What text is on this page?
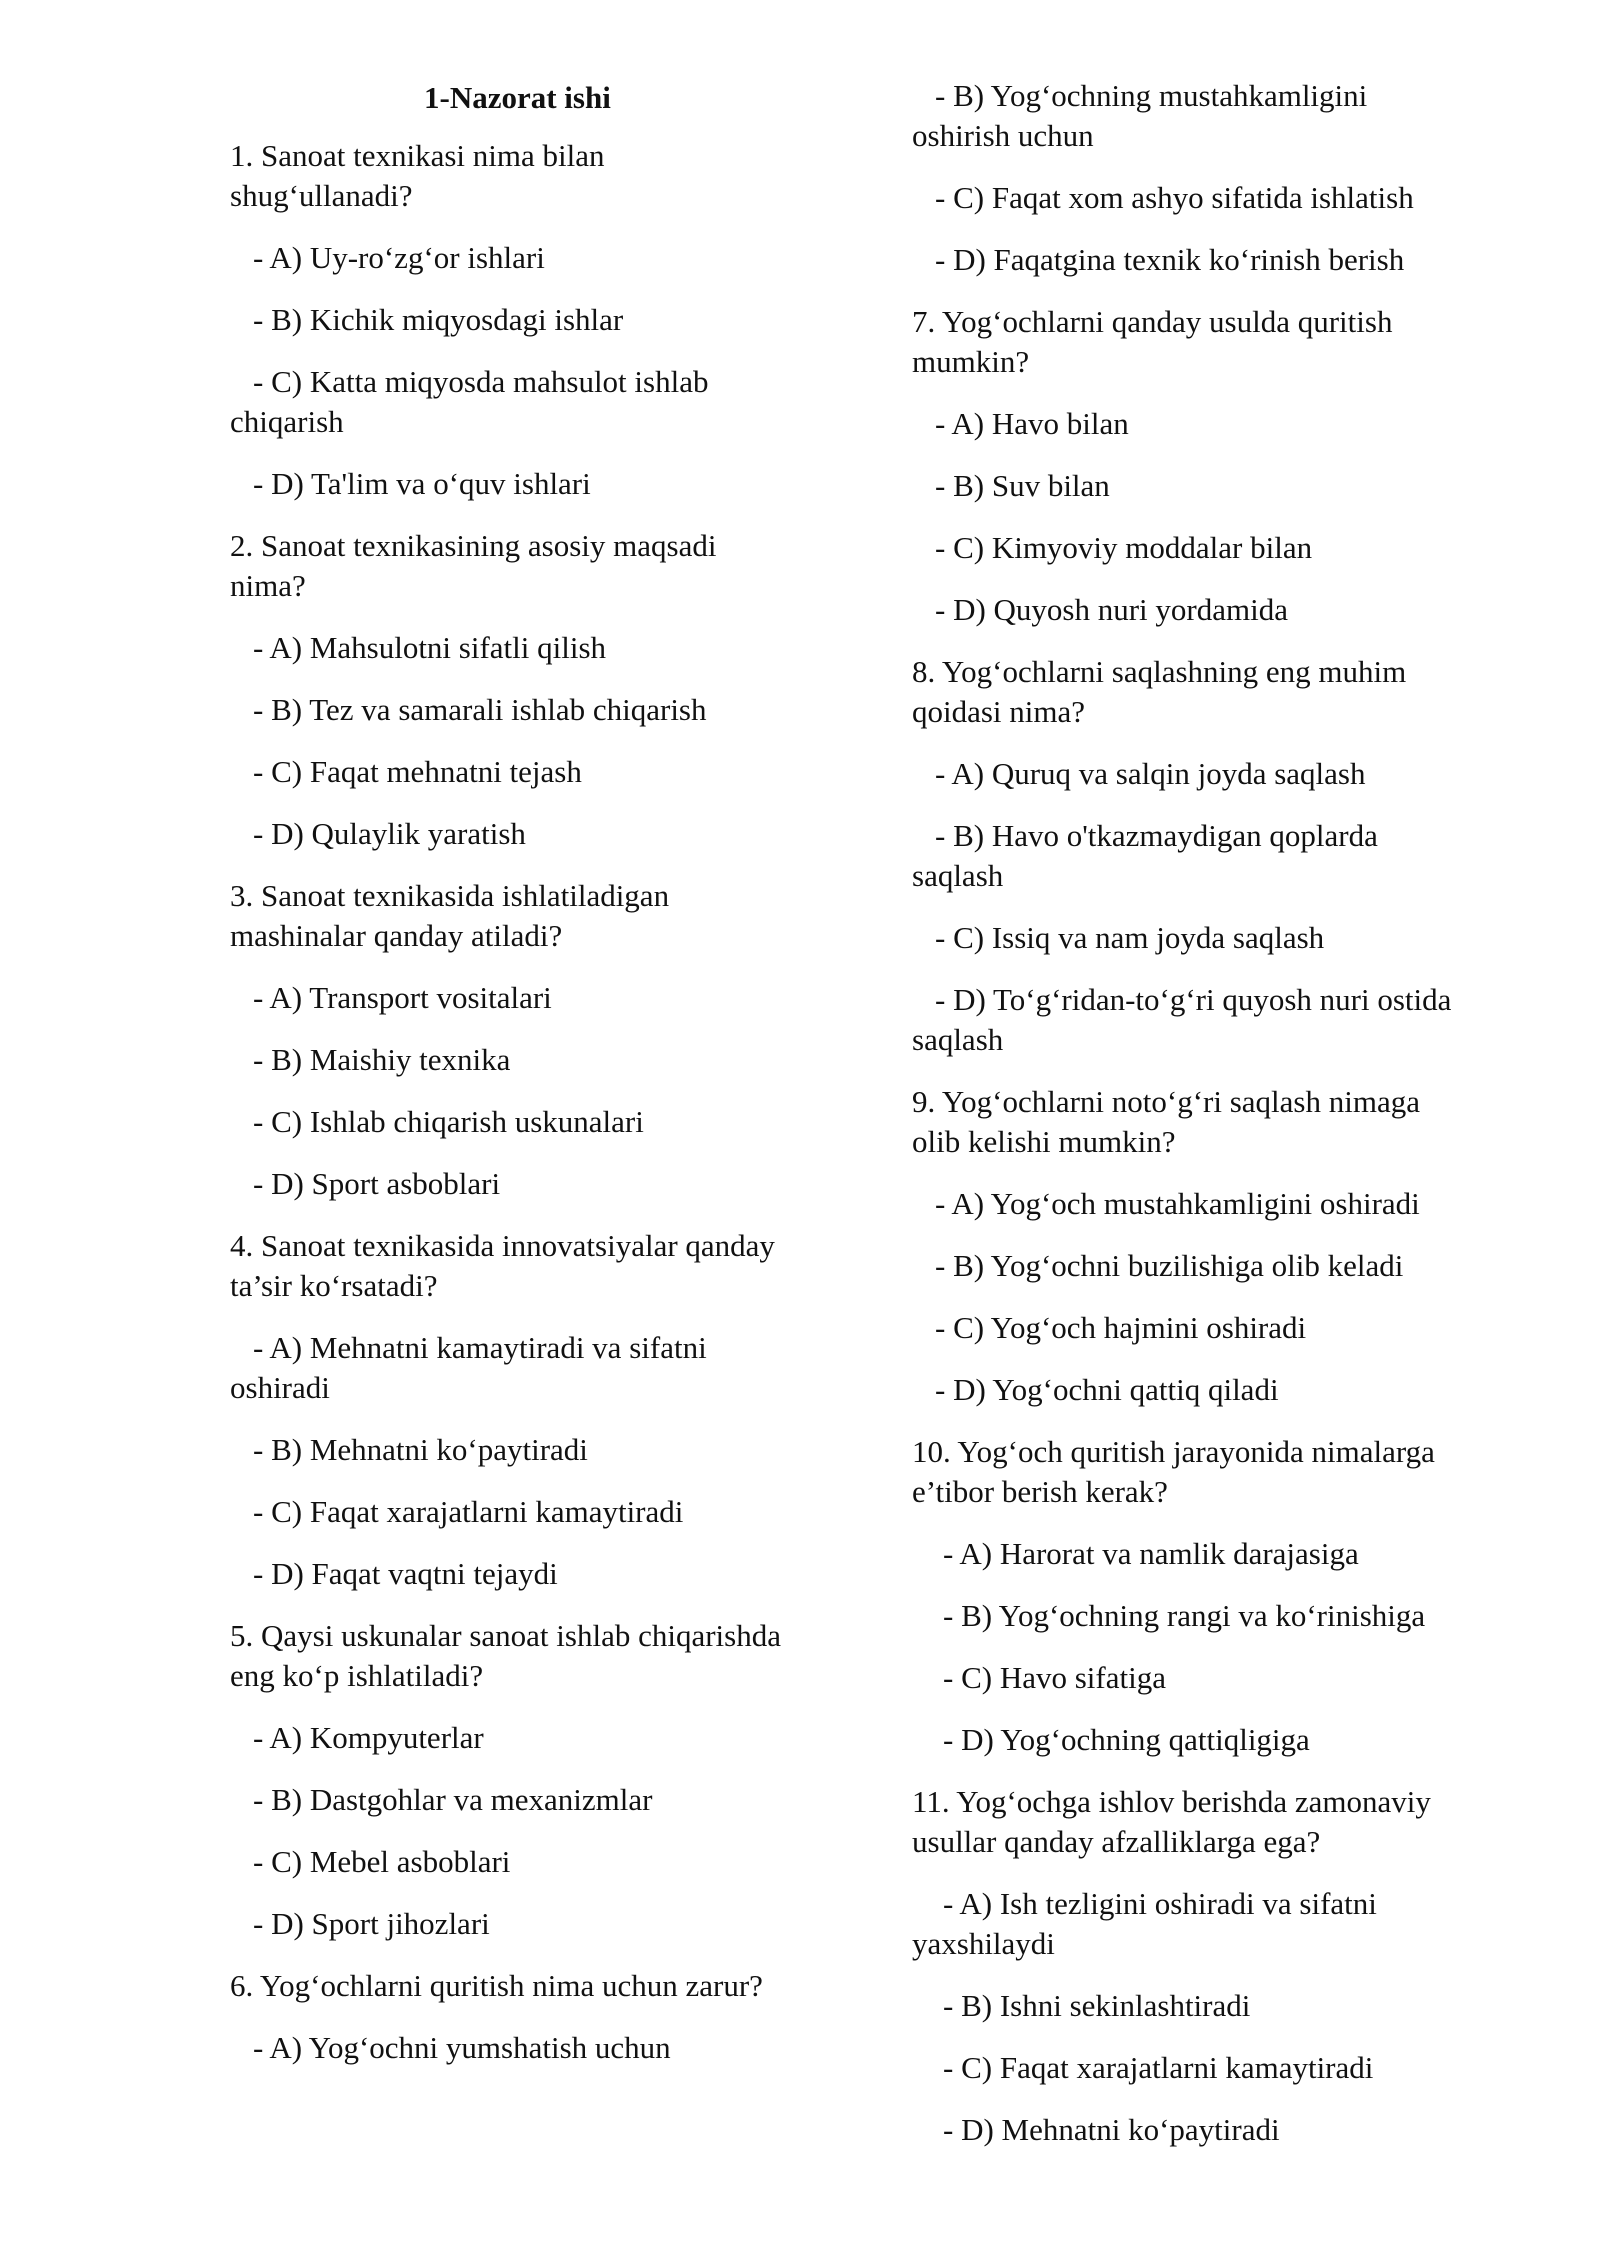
1-Nazorat ishi
1. Sanoat texnikasi nima bilan
shug‘ullanadi?
- A) Uy-ro‘zg‘or ishlari
- B) Kichik miqyosdagi ishlar
- C) Katta miqyosda mahsulot ishlab
chiqarish
- D) Ta'lim va o‘quv ishlari
2. Sanoat texnikasining asosiy maqsadi
nima?
- A) Mahsulotni sifatli qilish
- B) Tez va samarali ishlab chiqarish
- C) Faqat mehnatni tejash
- D) Qulaylik yaratish
3. Sanoat texnikasida ishlatiladigan
mashinalar qanday atiladi?
- A) Transport vositalari
- B) Maishiy texnika
- C) Ishlab chiqarish uskunalari
- D) Sport asboblari
4. Sanoat texnikasida innovatsiyalar qanday
ta’sir ko‘rsatadi?
- A) Mehnatni kamaytiradi va sifatni
oshiradi
- B) Mehnatni ko‘paytiradi
- C) Faqat xarajatlarni kamaytiradi
- D) Faqat vaqtni tejaydi
5. Qaysi uskunalar sanoat ishlab chiqarishda
eng ko‘p ishlatiladi?
- A) Kompyuterlar
- B) Dastgohlar va mexanizmlar
- C) Mebel asboblari
- D) Sport jihozlari
6. Yog‘ochlarni quritish nima uchun zarur?
- A) Yog‘ochni yumshatish uchun
- B) Yog‘ochning mustahkamligini
oshirish uchun
- C) Faqat xom ashyo sifatida ishlatish
- D) Faqatgina texnik ko‘rinish berish
7. Yog‘ochlarni qanday usulda quritish
mumkin?
- A) Havo bilan
- B) Suv bilan
- C) Kimyoviy moddalar bilan
- D) Quyosh nuri yordamida
8. Yog‘ochlarni saqlashning eng muhim
qoidasi nima?
- A) Quruq va salqin joyda saqlash
- B) Havo o'tkazmaydigan qoplarda
saqlash
- C) Issiq va nam joyda saqlash
- D) To‘g‘ridan-to‘g‘ri quyosh nuri ostida
saqlash
9. Yog‘ochlarni noto‘g‘ri saqlash nimaga
olib kelishi mumkin?
- A) Yog‘och mustahkamligini oshiradi
- B) Yog‘ochni buzilishiga olib keladi
- C) Yog‘och hajmini oshiradi
- D) Yog‘ochni qattiq qiladi
10. Yog‘och quritish jarayonida nimalarga
e’tibor berish kerak?
- A) Harorat va namlik darajasiga
- B) Yog‘ochning rangi va ko‘rinishiga
- C) Havo sifatiga
- D) Yog‘ochning qattiqligiga
11. Yog‘ochga ishlov berishda zamonaviy
usullar qanday afzalliklarga ega?
- A) Ish tezligini oshiradi va sifatni
yaxshilaydi
- B) Ishni sekinlashtiradi
- C) Faqat xarajatlarni kamaytiradi
- D) Mehnatni ko‘paytiradi
